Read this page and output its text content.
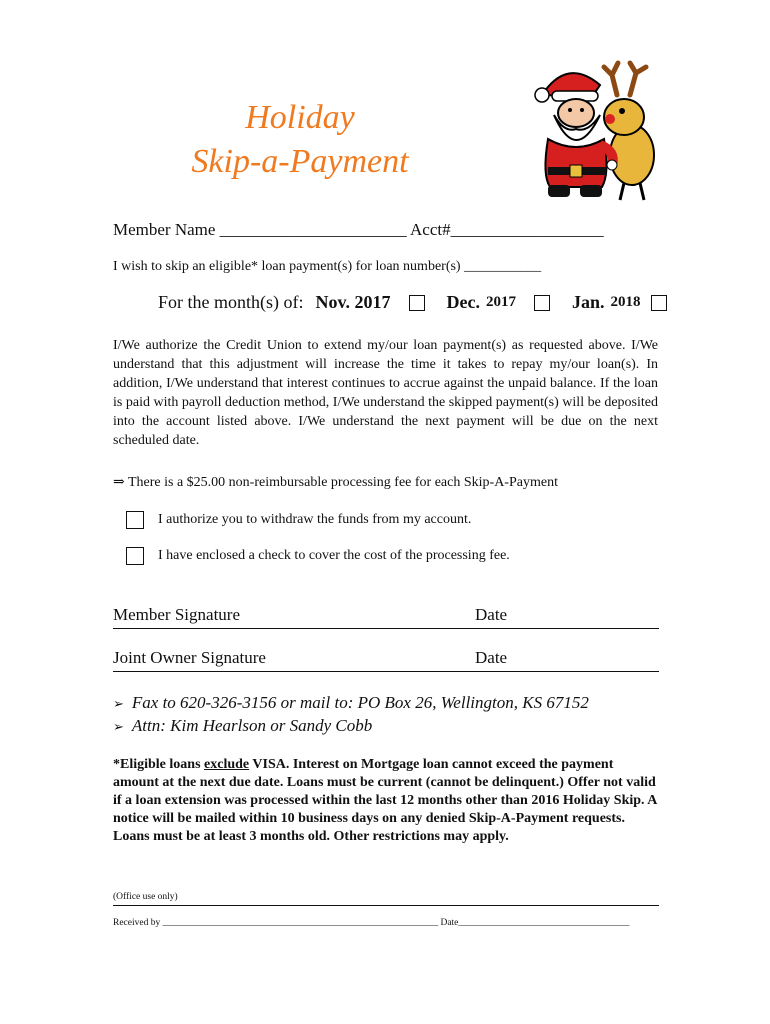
Holiday
Skip-a-Payment
Member Name ______________________ Acct#__________________
I wish to skip an eligible* loan payment(s) for loan number(s) ___________
For the month(s) of: Nov. 2017	Dec. 2017	Jan. 2018
I/We authorize the Credit Union to extend my/our loan payment(s) as requested above. I/We understand that this adjustment will increase the time it takes to repay my/our loan(s). In addition, I/We understand that interest continues to accrue against the unpaid balance. If the loan is paid with payroll deduction method, I/We understand the skipped payment(s) will be deposited into the account listed above. I/We understand the next payment will be due on the next scheduled date.
⇒ There is a $25.00 non-reimbursable processing fee for each Skip-A-Payment
I authorize you to withdraw the funds from my account.
I have enclosed a check to cover the cost of the processing fee.
Member Signature	Date
Joint Owner Signature	Date
➢ Fax to 620-326-3156 or mail to: PO Box 26, Wellington, KS 67152
➢ Attn: Kim Hearlson or Sandy Cobb
*Eligible loans exclude VISA. Interest on Mortgage loan cannot exceed the payment amount at the next due date. Loans must be current (cannot be delinquent.) Offer not valid if a loan extension was processed within the last 12 months other than 2016 Holiday Skip. A notice will be mailed within 10 business days on any denied Skip-A-Payment requests. Loans must be at least 3 months old. Other restrictions may apply.
(Office use only)
Received by __________________________________________________________ Date____________________________________
